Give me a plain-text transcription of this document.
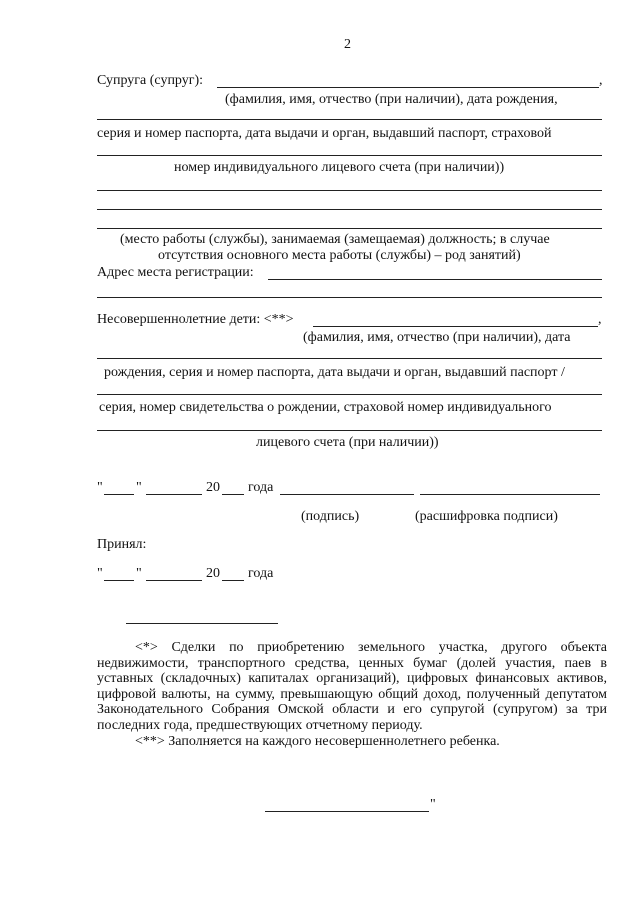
2
Супруга (супруг):	,
(фамилия, имя, отчество (при наличии), дата рождения,
серия и номер паспорта, дата выдачи и орган, выдавший паспорт, страховой
номер индивидуального лицевого счета (при наличии))
(место работы (службы), занимаемая (замещаемая) должность; в случае
отсутствия основного места работы (службы) – род занятий)
Адрес места регистрации:
Несовершеннолетние дети: <**>	,
(фамилия, имя, отчество (при наличии), дата
рождения, серия и номер паспорта, дата выдачи и орган, выдавший паспорт /
серия, номер свидетельства о рождении, страховой номер индивидуального
лицевого счета (при наличии))
" "	20 года
(подпись)	(расшифровка подписи)
Принял:
" "	20 года

<*> Сделки по приобретению земельного участка, другого объекта недвижимости, транспортного средства, ценных бумаг (долей участия, паев в уставных (складочных) капиталах организаций), цифровых финансовых активов, цифровой валюты, на сумму, превышающую общий доход, полученный депутатом Законодательного Собрания Омской области и его супругой (супругом) за три последних года, предшествующих отчетному периоду.

<**> Заполняется на каждого несовершеннолетнего ребенка.

"
